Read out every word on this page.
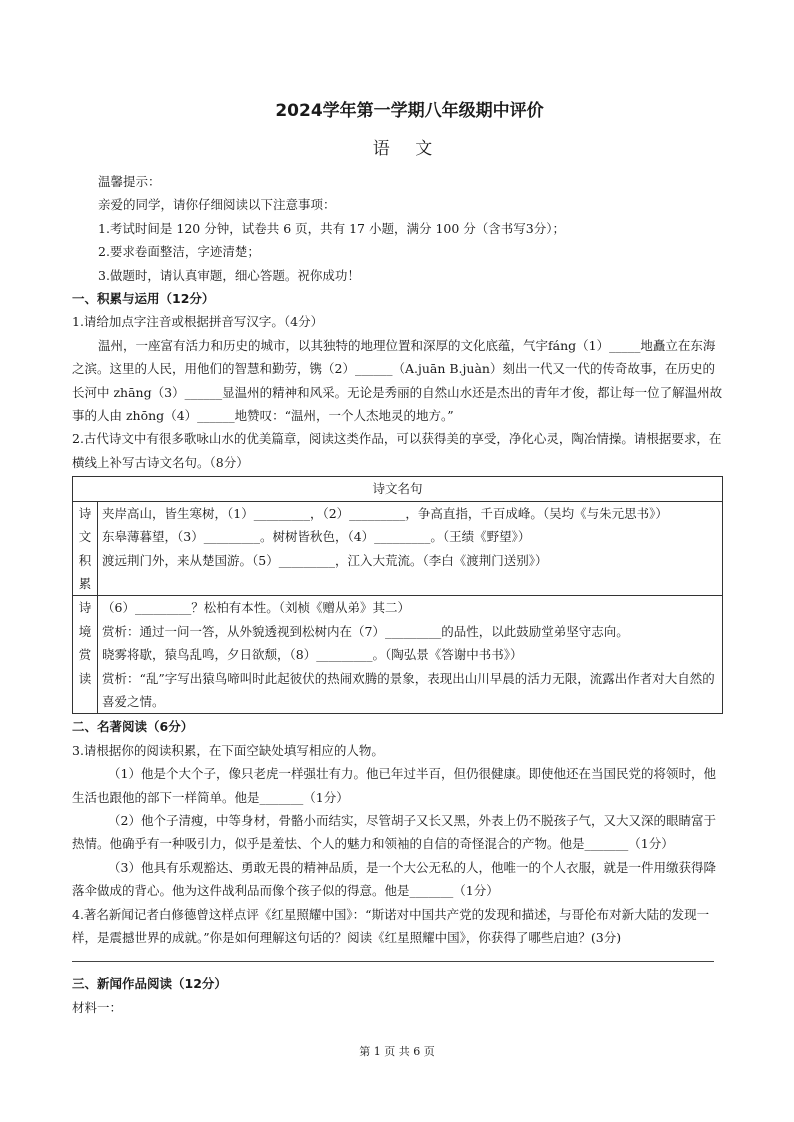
2024学年第一学期八年级期中评价
语 文

温馨提示：

亲爱的同学，请你仔细阅读以下注意事项：

1.考试时间是 120 分钟，试卷共 6 页，共有 17 小题，满分 100 分（含书写3分）；

2.要求卷面整洁，字迹清楚；

3.做题时，请认真审题，细心答题。祝你成功！

一、积累与运用（12分）

1.请给加点字注音或根据拼音写汉字。（4分）

温州，一座富有活力和历史的城市，以其独特的地理位置和深厚的文化底蕴，气宇fáng（1）_____地矗立在东海之滨。这里的人民，用他们的智慧和勤劳，镌（2）______（A.juān B.juàn）刻出一代又一代的传奇故事，在历史的长河中 zhāng（3）______显温州的精神和风采。无论是秀丽的自然山水还是杰出的青年才俊，都让每一位了解温州故事的人由 zhōng（4）______地赞叹：“温州，一个人杰地灵的地方。”

2.古代诗文中有很多歌咏山水的优美篇章，阅读这类作品，可以获得美的享受，净化心灵，陶冶情操。请根据要求，在横线上补写古诗文名句。（8分）

诗文名句	
诗文积累	夹岸高山，皆生寒树，（1）_________，（2）_________，争高直指，千百成峰。（吴均《与朱元思书》）
东皋薄暮望，（3）_________。树树皆秋色，（4）_________。（王绩《野望》）
渡远荆门外，来从楚国游。（5）_________，江入大荒流。（李白《渡荆门送别》）

诗境赏读	（6）_________？松柏有本性。（刘桢《赠从弟》其二）
赏析：通过一问一答，从外貌透视到松树内在（7）_________的品性，以此鼓励堂弟坚守志向。
晓雾将歇，猿鸟乱鸣，夕日欲颓，（8）_________。（陶弘景《答谢中书书》）
赏析：“乱”字写出猿鸟啼叫时此起彼伏的热闹欢腾的景象，表现出山川早晨的活力无限，流露出作者对大自然的喜爱之情。

二、名著阅读（6分）

3.请根据你的阅读积累，在下面空缺处填写相应的人物。

（1）他是个大个子，像只老虎一样强壮有力。他已年过半百，但仍很健康。即使他还在当国民党的将领时，他生活也跟他的部下一样简单。他是_______（1分）

（2）他个子清瘦，中等身材，骨骼小而结实，尽管胡子又长又黑，外表上仍不脱孩子气，又大又深的眼睛富于热情。他确乎有一种吸引力，似乎是羞怯、个人的魅力和领袖的自信的奇怪混合的产物。他是_______（1分）

（3）他具有乐观豁达、勇敢无畏的精神品质，是一个大公无私的人，他唯一的个人衣服，就是一件用缴获得降落伞做成的背心。他为这件战利品而像个孩子似的得意。他是_______（1分）

4.著名新闻记者白修德曾这样点评《红星照耀中国》：“斯诺对中国共产党的发现和描述，与哥伦布对新大陆的发现一样，是震撼世界的成就。”你是如何理解这句话的？阅读《红星照耀中国》，你获得了哪些启迪？(3分)

三、新闻作品阅读（12分）

材料一：

第 1 页 共 6 页
